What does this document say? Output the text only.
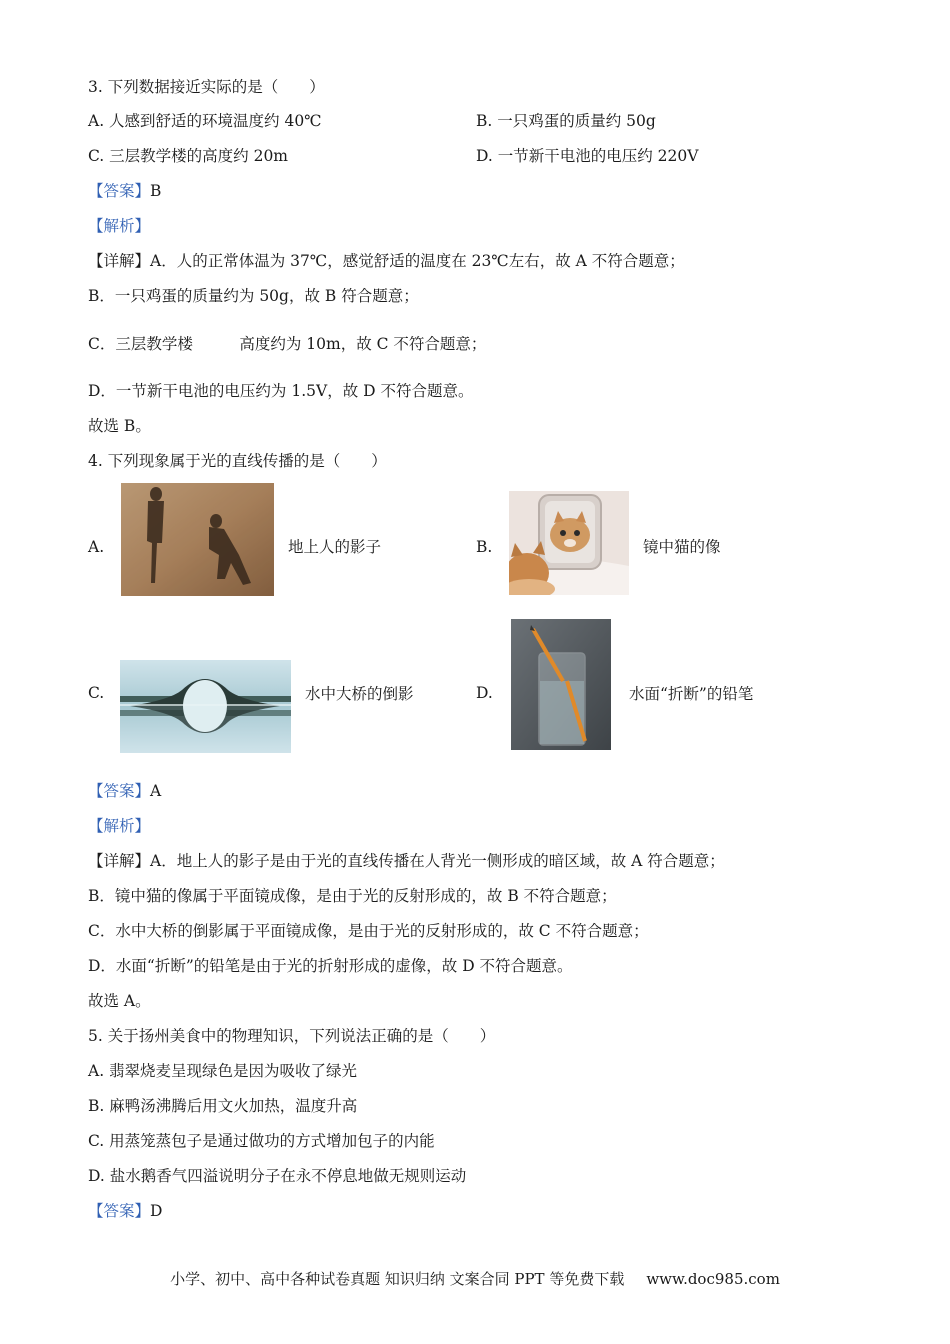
3. 下列数据接近实际的是（　　）
A. 人感到舒适的环境温度约 40℃	B. 一只鸡蛋的质量约 50g
C. 三层教学楼的高度约 20m	D. 一节新干电池的电压约 220V
【答案】B
【解析】
【详解】A．人的正常体温为 37℃，感觉舒适的温度在 23℃左右，故 A 不符合题意；
B．一只鸡蛋的质量约为 50g，故 B 符合题意；
C．三层教学楼　　　高度约为 10m，故 C 不符合题意；
D．一节新干电池的电压约为 1.5V，故 D 不符合题意。
故选 B。
4. 下列现象属于光的直线传播的是（　　）
A.	地上人的影子	B.	镜中猫的像
C.	水中大桥的倒影	D.	水面“折断”的铅笔
【答案】A
【解析】
【详解】A．地上人的影子是由于光的直线传播在人背光一侧形成的暗区域，故 A 符合题意；
B．镜中猫的像属于平面镜成像，是由于光的反射形成的，故 B 不符合题意；
C．水中大桥的倒影属于平面镜成像，是由于光的反射形成的，故 C 不符合题意；
D．水面“折断”的铅笔是由于光的折射形成的虚像，故 D 不符合题意。
故选 A。
5. 关于扬州美食中的物理知识，下列说法正确的是（　　）
A. 翡翠烧麦呈现绿色是因为吸收了绿光
B. 麻鸭汤沸腾后用文火加热，温度升高
C. 用蒸笼蒸包子是通过做功的方式增加包子的内能
D. 盐水鹅香气四溢说明分子在永不停息地做无规则运动
【答案】D
小学、初中、高中各种试卷真题 知识归纳 文案合同 PPT 等免费下载 www.doc985.com
